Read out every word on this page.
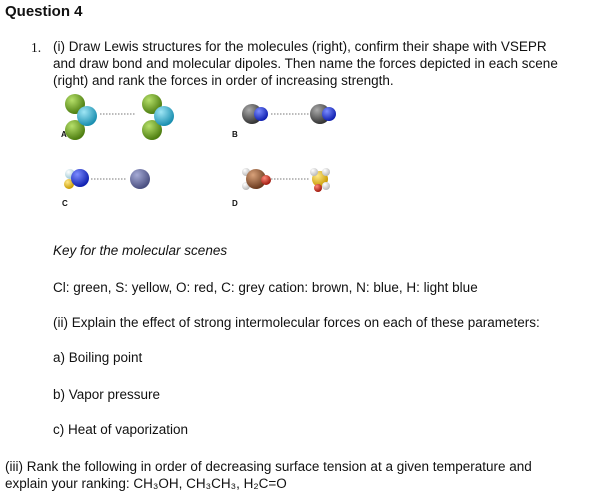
Question 4
1. (i) Draw Lewis structures for the molecules (right), confirm their shape with VSEPR
and draw bond and molecular dipoles. Then name the forces depicted in each scene
(right) and rank the forces in order of increasing strength.
A	B
C	D
Key for the molecular scenes
Cl: green, S: yellow, O: red, C: grey cation: brown, N: blue, H: light blue
(ii) Explain the effect of strong intermolecular forces on each of these parameters:
a) Boiling point
b) Vapor pressure
c) Heat of vaporization
(iii) Rank the following in order of decreasing surface tension at a given temperature and
explain your ranking: CH₃OH, CH₃CH₃, H₂C=O
